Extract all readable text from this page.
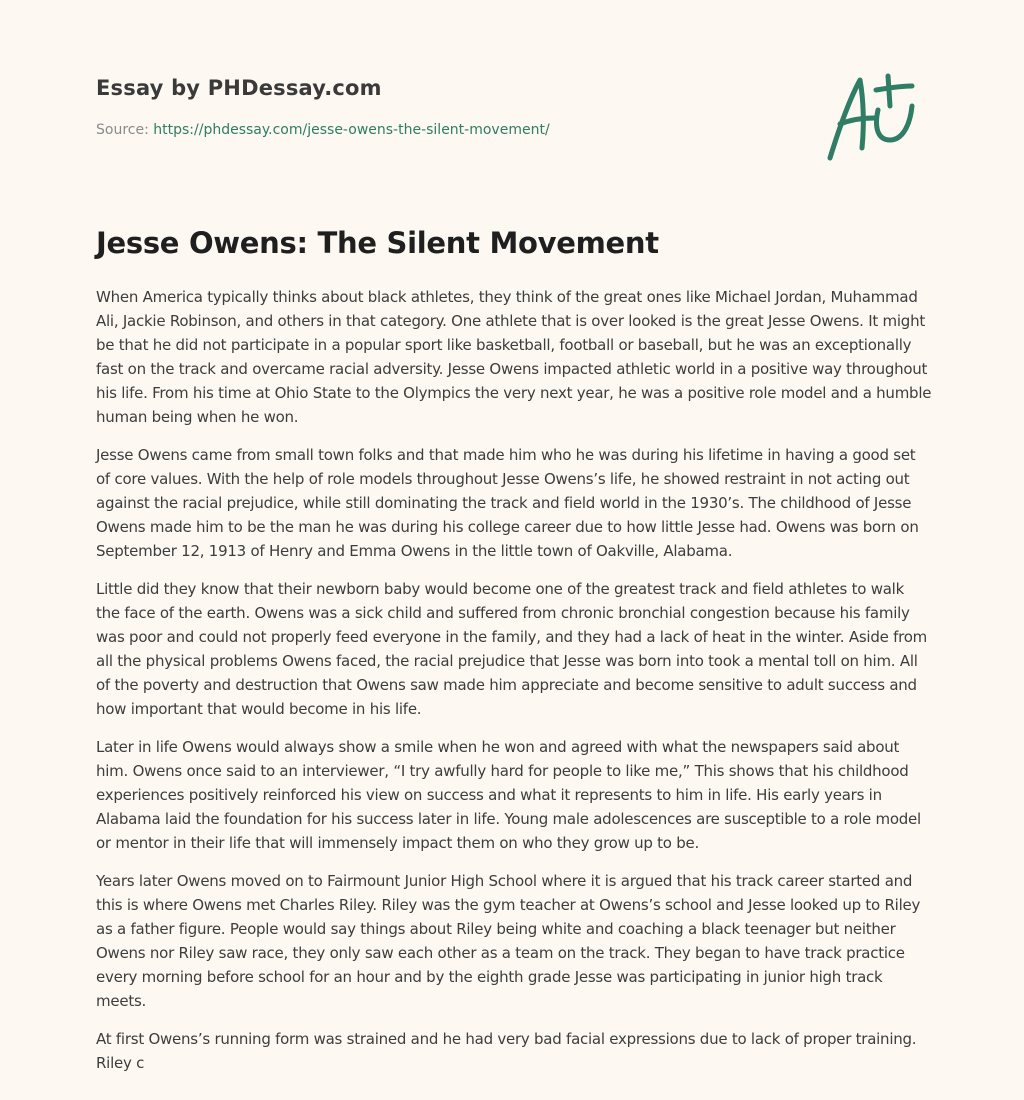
Essay by PHDessay.com
Source: https://phdessay.com/jesse-owens-the-silent-movement/
Jesse Owens: The Silent Movement

When America typically thinks about black athletes, they think of the great ones like Michael Jordan, Muhammad Ali, Jackie Robinson, and others in that category. One athlete that is over looked is the great Jesse Owens. It might be that he did not participate in a popular sport like basketball, football or baseball, but he was an exceptionally fast on the track and overcame racial adversity. Jesse Owens impacted athletic world in a positive way throughout his life. From his time at Ohio State to the Olympics the very next year, he was a positive role model and a humble human being when he won.

Jesse Owens came from small town folks and that made him who he was during his lifetime in having a good set of core values. With the help of role models throughout Jesse Owens’s life, he showed restraint in not acting out against the racial prejudice, while still dominating the track and field world in the 1930’s. The childhood of Jesse Owens made him to be the man he was during his college career due to how little Jesse had. Owens was born on September 12, 1913 of Henry and Emma Owens in the little town of Oakville, Alabama.

Little did they know that their newborn baby would become one of the greatest track and field athletes to walk the face of the earth. Owens was a sick child and suffered from chronic bronchial congestion because his family was poor and could not properly feed everyone in the family, and they had a lack of heat in the winter. Aside from all the physical problems Owens faced, the racial prejudice that Jesse was born into took a mental toll on him. All of the poverty and destruction that Owens saw made him appreciate and become sensitive to adult success and how important that would become in his life.

Later in life Owens would always show a smile when he won and agreed with what the newspapers said about him. Owens once said to an interviewer, “I try awfully hard for people to like me,” This shows that his childhood experiences positively reinforced his view on success and what it represents to him in life. His early years in Alabama laid the foundation for his success later in life. Young male adolescences are susceptible to a role model or mentor in their life that will immensely impact them on who they grow up to be.

Years later Owens moved on to Fairmount Junior High School where it is argued that his track career started and this is where Owens met Charles Riley. Riley was the gym teacher at Owens’s school and Jesse looked up to Riley as a father figure. People would say things about Riley being white and coaching a black teenager but neither Owens nor Riley saw race, they only saw each other as a team on the track. They began to have track practice every morning before school for an hour and by the eighth grade Jesse was participating in junior high track meets.

At first Owens’s running form was strained and he had very bad facial expressions due to lack of proper training. Riley c
